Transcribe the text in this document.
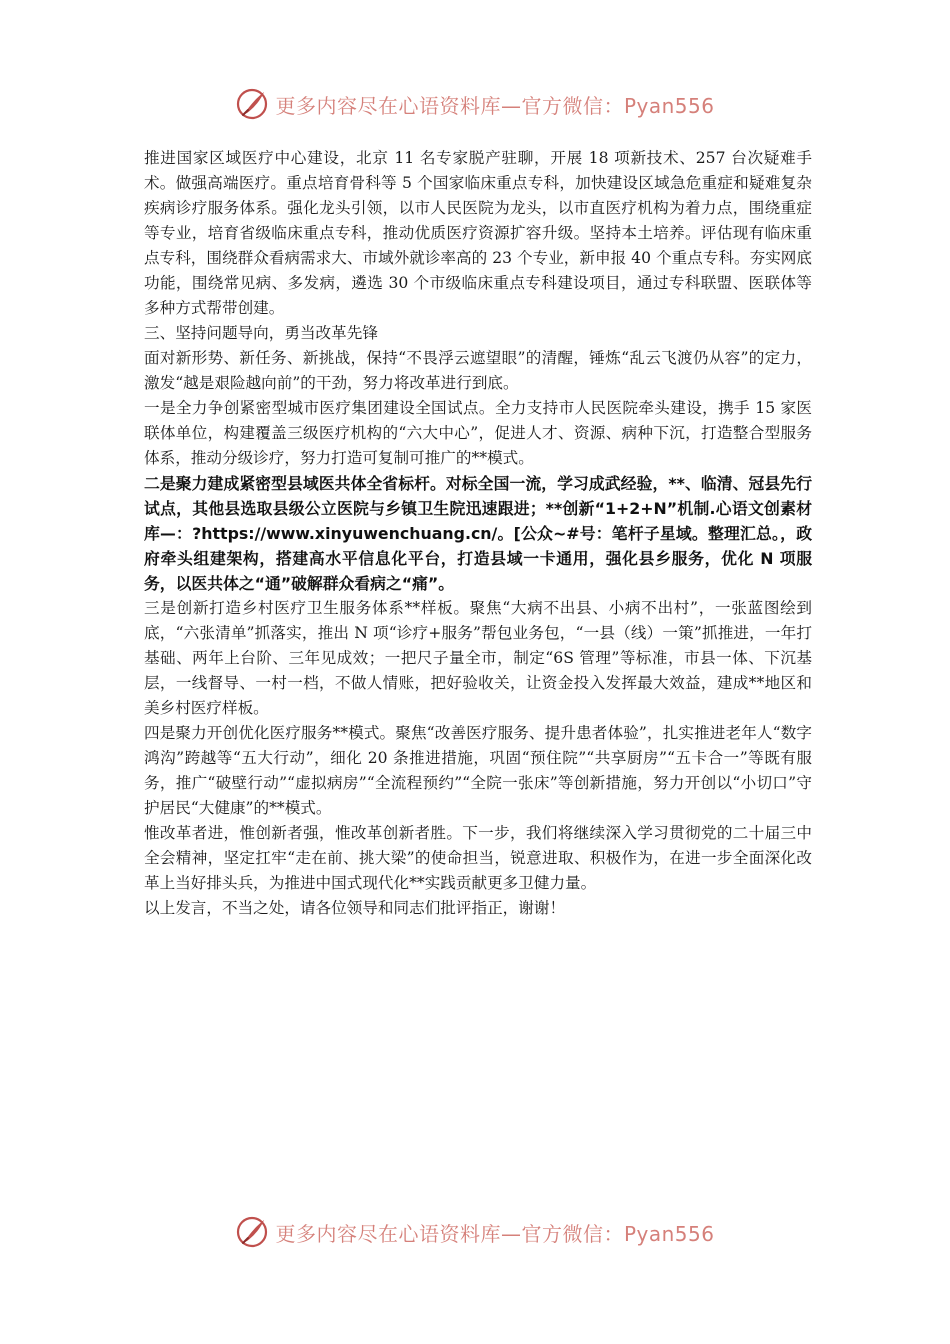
更多内容尽在心语资料库—官方微信：Pyan556

推进国家区域医疗中心建设，北京 11 名专家脱产驻聊，开展 18 项新技术、257 台次疑难手术。做强高端医疗。重点培育骨科等 5 个国家临床重点专科，加快建设区域急危重症和疑难复杂疾病诊疗服务体系。强化龙头引领，以市人民医院为龙头，以市直医疗机构为着力点，围绕重症等专业，培育省级临床重点专科，推动优质医疗资源扩容升级。坚持本土培养。评估现有临床重点专科，围绕群众看病需求大、市域外就诊率高的 23 个专业，新申报 40 个重点专科。夯实网底功能，围绕常见病、多发病，遴选 30 个市级临床重点专科建设项目，通过专科联盟、医联体等多种方式帮带创建。

三、坚持问题导向，勇当改革先锋

面对新形势、新任务、新挑战，保持“不畏浮云遮望眼”的清醒，锤炼“乱云飞渡仍从容”的定力，激发“越是艰险越向前”的干劲，努力将改革进行到底。

一是全力争创紧密型城市医疗集团建设全国试点。全力支持市人民医院牵头建设，携手 15 家医联体单位，构建覆盖三级医疗机构的“六大中心”，促进人才、资源、病种下沉，打造整合型服务体系，推动分级诊疗，努力打造可复制可推广的**模式。

二是聚力建成紧密型县域医共体全省标杆。对标全国一流，学习成武经验，**、临清、冠县先行试点，其他县选取县级公立医院与乡镇卫生院迅速跟进；**创新“1+2+N”机制.心语文创素材库—：?https://www.xinyuwenchuang.cn/。[公众~#号：笔杆子星域。整理汇总。，政府牵头组建架构，搭建高水平信息化平台，打造县域一卡通用，强化县乡服务，优化 N 项服务，以医共体之“通”破解群众看病之“痛”。

三是创新打造乡村医疗卫生服务体系**样板。聚焦“大病不出县、小病不出村”，一张蓝图绘到底，“六张清单”抓落实，推出 N 项“诊疗+服务”帮包业务包，“一县（线）一策”抓推进，一年打基础、两年上台阶、三年见成效；一把尺子量全市，制定“6S 管理”等标准，市县一体、下沉基层，一线督导、一村一档，不做人情账，把好验收关，让资金投入发挥最大效益，建成**地区和美乡村医疗样板。

四是聚力开创优化医疗服务**模式。聚焦“改善医疗服务、提升患者体验”，扎实推进老年人“数字鸿沟”跨越等“五大行动”，细化 20 条推进措施，巩固“预住院”“共享厨房”“五卡合一”等既有服务，推广“破壁行动”“虚拟病房”“全流程预约”“全院一张床”等创新措施，努力开创以“小切口”守护居民“大健康”的**模式。

惟改革者进，惟创新者强，惟改革创新者胜。下一步，我们将继续深入学习贯彻党的二十届三中全会精神，坚定扛牢“走在前、挑大梁”的使命担当，锐意进取、积极作为，在进一步全面深化改革上当好排头兵，为推进中国式现代化**实践贡献更多卫健力量。

以上发言，不当之处，请各位领导和同志们批评指正，谢谢！

更多内容尽在心语资料库—官方微信：Pyan556
